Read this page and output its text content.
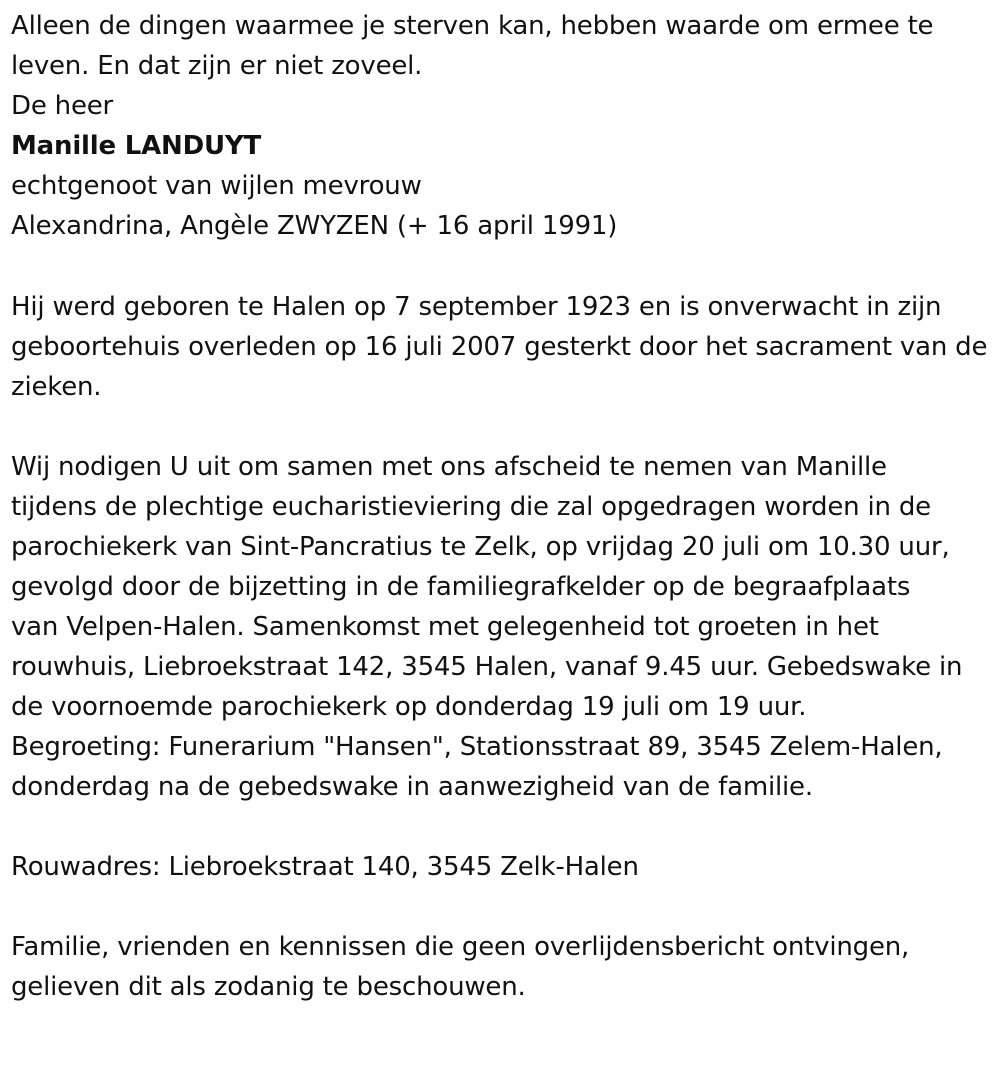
Alleen de dingen waarmee je sterven kan, hebben waarde om ermee te leven. En dat zijn er niet zoveel.

De heer

Manille LANDUYT

echtgenoot van wijlen mevrouw

Alexandrina, Angèle ZWYZEN (+ 16 april 1991)

Hij werd geboren te Halen op 7 september 1923 en is onverwacht in zijn geboortehuis overleden op 16 juli 2007 gesterkt door het sacrament van de zieken.

Wij nodigen U uit om samen met ons afscheid te nemen van Manille

tijdens de plechtige eucharistieviering die zal opgedragen worden in de

parochiekerk van Sint-Pancratius te Zelk, op vrijdag 20 juli om 10.30 uur,

gevolgd door de bijzetting in de familiegrafkelder op de begraafplaats

van Velpen-Halen. Samenkomst met gelegenheid tot groeten in het

rouwhuis, Liebroekstraat 142, 3545 Halen, vanaf 9.45 uur. Gebedswake in

de voornoemde parochiekerk op donderdag 19 juli om 19 uur.

Begroeting: Funerarium "Hansen", Stationsstraat 89, 3545 Zelem-Halen,

donderdag na de gebedswake in aanwezigheid van de familie.

Rouwadres: Liebroekstraat 140, 3545 Zelk-Halen

Familie, vrienden en kennissen die geen overlijdensbericht ontvingen, gelieven dit als zodanig te beschouwen.
